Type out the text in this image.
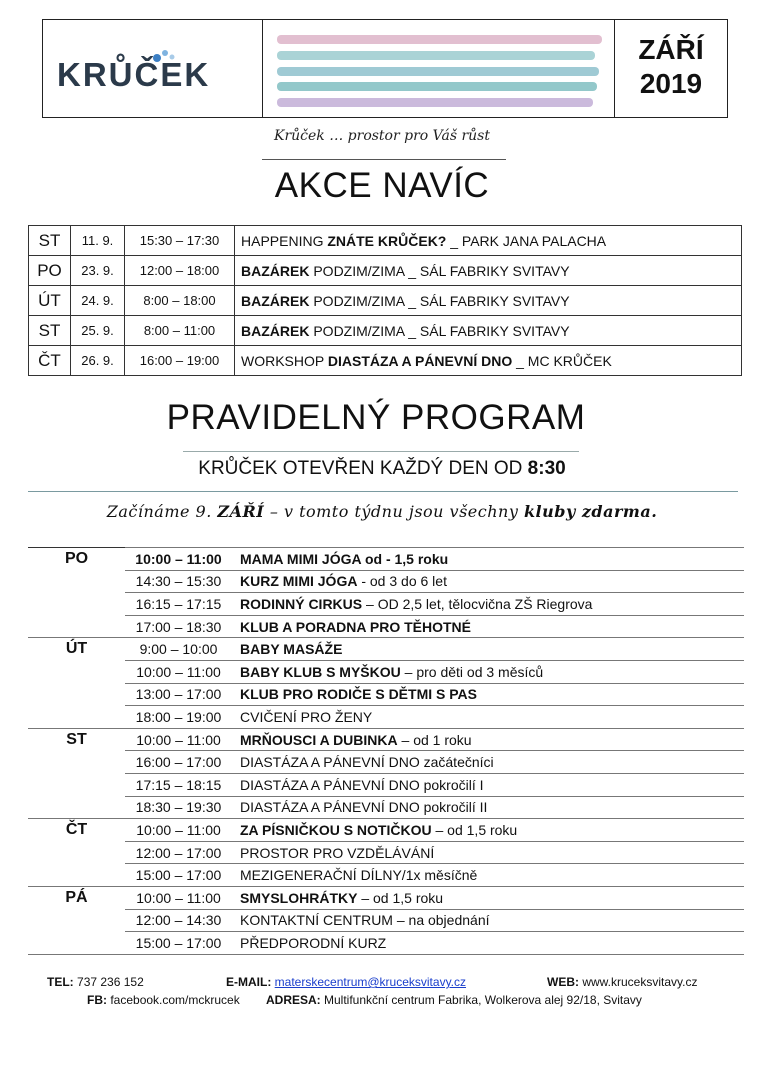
KRŮČEK
ZÁŘÍ
2019
Krůček … prostor pro Váš růst
AKCE NAVÍC
ST	11. 9.	15:30 – 17:30	HAPPENING ZNÁTE KRŮČEK? _ PARK JANA PALACHA
PO	23. 9.	12:00 – 18:00	BAZÁREK PODZIM/ZIMA _ SÁL FABRIKY SVITAVY
ÚT	24. 9.	8:00 – 18:00	BAZÁREK PODZIM/ZIMA _ SÁL FABRIKY SVITAVY
ST	25. 9.	8:00 – 11:00	BAZÁREK PODZIM/ZIMA _ SÁL FABRIKY SVITAVY
ČT	26. 9.	16:00 – 19:00	WORKSHOP DIASTÁZA A PÁNEVNÍ DNO _ MC KRŮČEK
PRAVIDELNÝ PROGRAM
KRŮČEK OTEVŘEN KAŽDÝ DEN OD 8:30
Začínáme 9. ZÁŘÍ – v tomto týdnu jsou všechny kluby zdarma.
PO	10:00 – 11:00	MAMA MIMI JÓGA od - 1,5 roku
	14:30 – 15:30	KURZ MIMI JÓGA - od 3 do 6 let
	16:15 – 17:15	RODINNÝ CIRKUS – OD 2,5 let, tělocvična ZŠ Riegrova
	17:00 – 18:30	KLUB A PORADNA PRO TĚHOTNÉ
ÚT	9:00 – 10:00	BABY MASÁŽE
	10:00 – 11:00	BABY KLUB S MYŠKOU – pro děti od 3 měsíců
	13:00 – 17:00	KLUB PRO RODIČE S DĚTMI S PAS
	18:00 – 19:00	CVIČENÍ PRO ŽENY
ST	10:00 – 11:00	MRŇOUSCI A DUBINKA – od 1 roku
	16:00 – 17:00	DIASTÁZA A PÁNEVNÍ DNO začátečníci
	17:15 – 18:15	DIASTÁZA A PÁNEVNÍ DNO pokročilí I
	18:30 – 19:30	DIASTÁZA A PÁNEVNÍ DNO pokročilí II
ČT	10:00 – 11:00	ZA PÍSNIČKOU S NOTIČKOU – od 1,5 roku
	12:00 – 17:00	PROSTOR PRO VZDĚLÁVÁNÍ
	15:00 – 17:00	MEZIGENERAČNÍ DÍLNY/1x měsíčně
PÁ	10:00 – 11:00	SMYSLOHRÁTKY – od 1,5 roku
	12:00 – 14:30	KONTAKTNÍ CENTRUM – na objednání
	15:00 – 17:00	PŘEDPORODNÍ KURZ
TEL: 737 236 152	E-MAIL: materskecentrum@kruceksvitavy.cz	WEB: www.kruceksvitavy.cz
FB: facebook.com/mckrucek ADRESA: Multifunkční centrum Fabrika, Wolkerova alej 92/18, Svitavy
